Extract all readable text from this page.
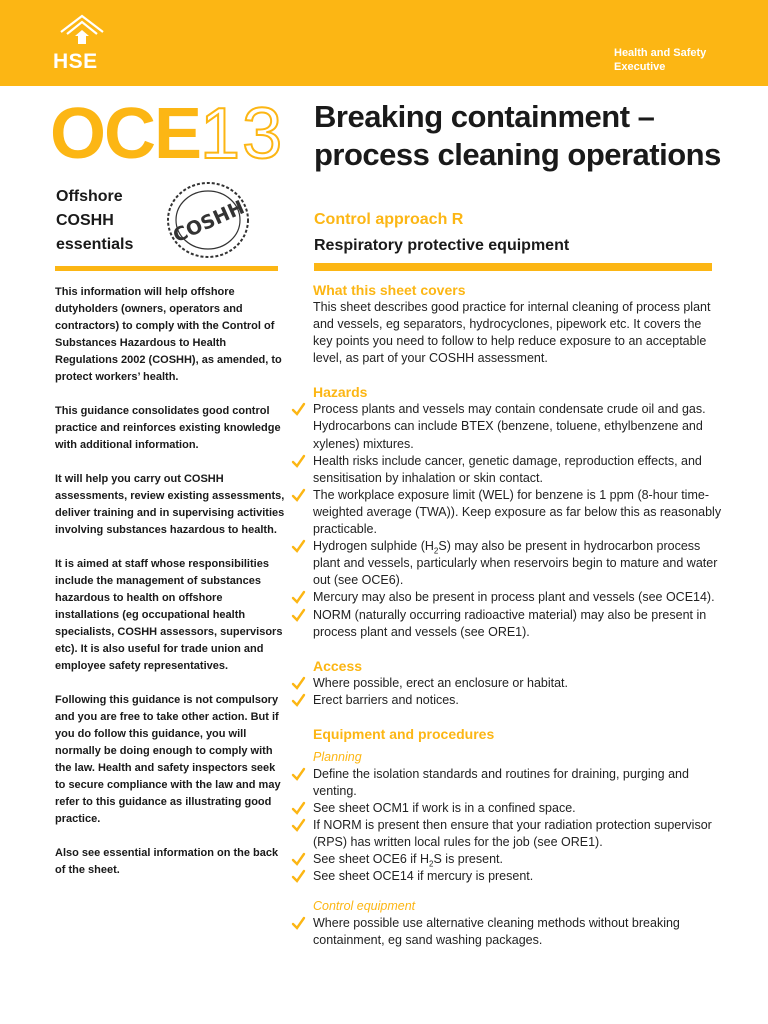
HSE	Health and Safety
Executive
OCE13 Breaking containment –
process cleaning operations
Offshore
COSHH
essentials COSHH	Control approach R
Respiratory protective equipment

This information will help offshore dutyholders (owners, operators and contractors) to comply with the Control of Substances Hazardous to Health Regulations 2002 (COSHH), as amended, to protect workers’ health.

This guidance consolidates good control practice and reinforces existing knowledge with additional information.

It will help you carry out COSHH assessments, review existing assessments, deliver training and in supervising activities involving substances hazardous to health.

It is aimed at staff whose responsibilities include the management of substances hazardous to health on offshore installations (eg occupational health specialists, COSHH assessors, supervisors etc). It is also useful for trade union and employee safety representatives.

Following this guidance is not compulsory and you are free to take other action. But if you do follow this guidance, you will normally be doing enough to comply with the law. Health and safety inspectors seek to secure compliance with the law and may refer to this guidance as illustrating good practice.

Also see essential information on the back of the sheet.

What this sheet covers
This sheet describes good practice for internal cleaning of process plant and vessels, eg separators, hydrocyclones, pipework etc. It covers the key points you need to follow to help reduce exposure to an acceptable level, as part of your COSHH assessment.
Hazards
Process plants and vessels may contain condensate crude oil and gas. Hydrocarbons can include BTEX (benzene, toluene, ethylbenzene and xylenes) mixtures.
Health risks include cancer, genetic damage, reproduction effects, and sensitisation by inhalation or skin contact.
The workplace exposure limit (WEL) for benzene is 1 ppm (8-hour time-weighted average (TWA)). Keep exposure as far below this as reasonably practicable.
Hydrogen sulphide $(H_2S)$ may also be present in hydrocarbon process plant and vessels, particularly when reservoirs begin to mature and water out (see OCE6).
Mercury may also be present in process plant and vessels (see OCE14).
NORM (naturally occurring radioactive material) may also be present in process plant and vessels (see ORE1).
Access
Where possible, erect an enclosure or habitat.
Erect barriers and notices.
Equipment and procedures
Planning
Define the isolation standards and routines for draining, purging and venting.
See sheet OCM1 if work is in a confined space.
If NORM is present then ensure that your radiation protection supervisor (RPS) has written local rules for the job (see ORE1).
See sheet OCE6 if $H_2S$ is present.
See sheet OCE14 if mercury is present.
Control equipment
Where possible use alternative cleaning methods without breaking containment, eg sand washing packages.
